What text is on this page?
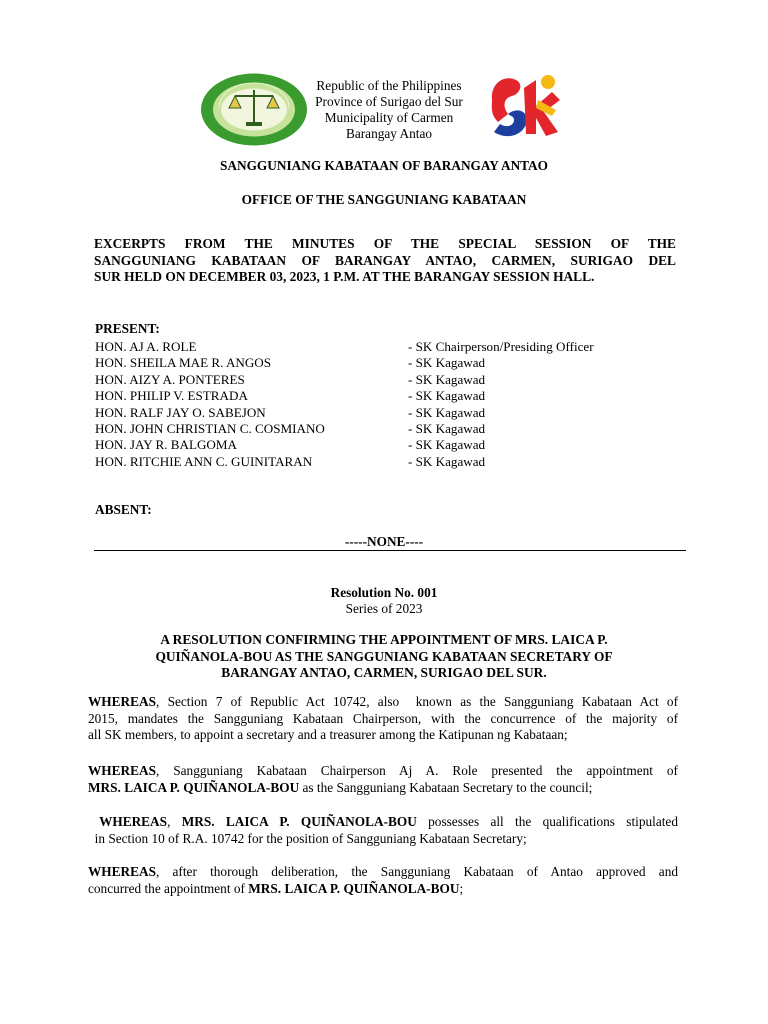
Republic of the Philippines
Province of Surigao del Sur
Municipality of Carmen
Barangay Antao
SANGGUNIANG KABATAAN OF BARANGAY ANTAO
OFFICE OF THE SANGGUNIANG KABATAAN
EXCERPTS FROM THE MINUTES OF THE SPECIAL SESSION OF THE
SANGGUNIANG KABATAAN OF BARANGAY ANTAO, CARMEN, SURIGAO DEL
SUR HELD ON DECEMBER 03, 2023, 1 P.M. AT THE BARANGAY SESSION HALL.
PRESENT:
HON. AJ A. ROLE	- SK Chairperson/Presiding Officer
HON. SHEILA MAE R. ANGOS	- SK Kagawad
HON. AIZY A. PONTERES	- SK Kagawad
HON. PHILIP V. ESTRADA	- SK Kagawad
HON. RALF JAY O. SABEJON	- SK Kagawad
HON. JOHN CHRISTIAN C. COSMIANO	- SK Kagawad
HON. JAY R. BALGOMA	- SK Kagawad
HON. RITCHIE ANN C. GUINITARAN	- SK Kagawad
ABSENT:
-----NONE----
Resolution No. 001
Series of 2023
A RESOLUTION CONFIRMING THE APPOINTMENT OF MRS. LAICA P.
QUIÑANOLA-BOU AS THE SANGGUNIANG KABATAAN SECRETARY OF
BARANGAY ANTAO, CARMEN, SURIGAO DEL SUR.
WHEREAS, Section 7 of Republic Act 10742, also  known as the Sangguniang Kabataan Act of
2015, mandates the Sangguniang Kabataan Chairperson, with the concurrence of the majority of
all SK members, to appoint a secretary and a treasurer among the Katipunan ng Kabataan;
WHEREAS, Sangguniang Kabataan Chairperson Aj A. Role presented the appointment of
MRS. LAICA P. QUIÑANOLA-BOU as the Sangguniang Kabataan Secretary to the council;
WHEREAS, MRS. LAICA P. QUIÑANOLA-BOU possesses all the qualifications stipulated
in Section 10 of R.A. 10742 for the position of Sangguniang Kabataan Secretary;
WHEREAS, after thorough deliberation, the Sangguniang Kabataan of Antao approved and
concurred the appointment of MRS. LAICA P. QUIÑANOLA-BOU;
